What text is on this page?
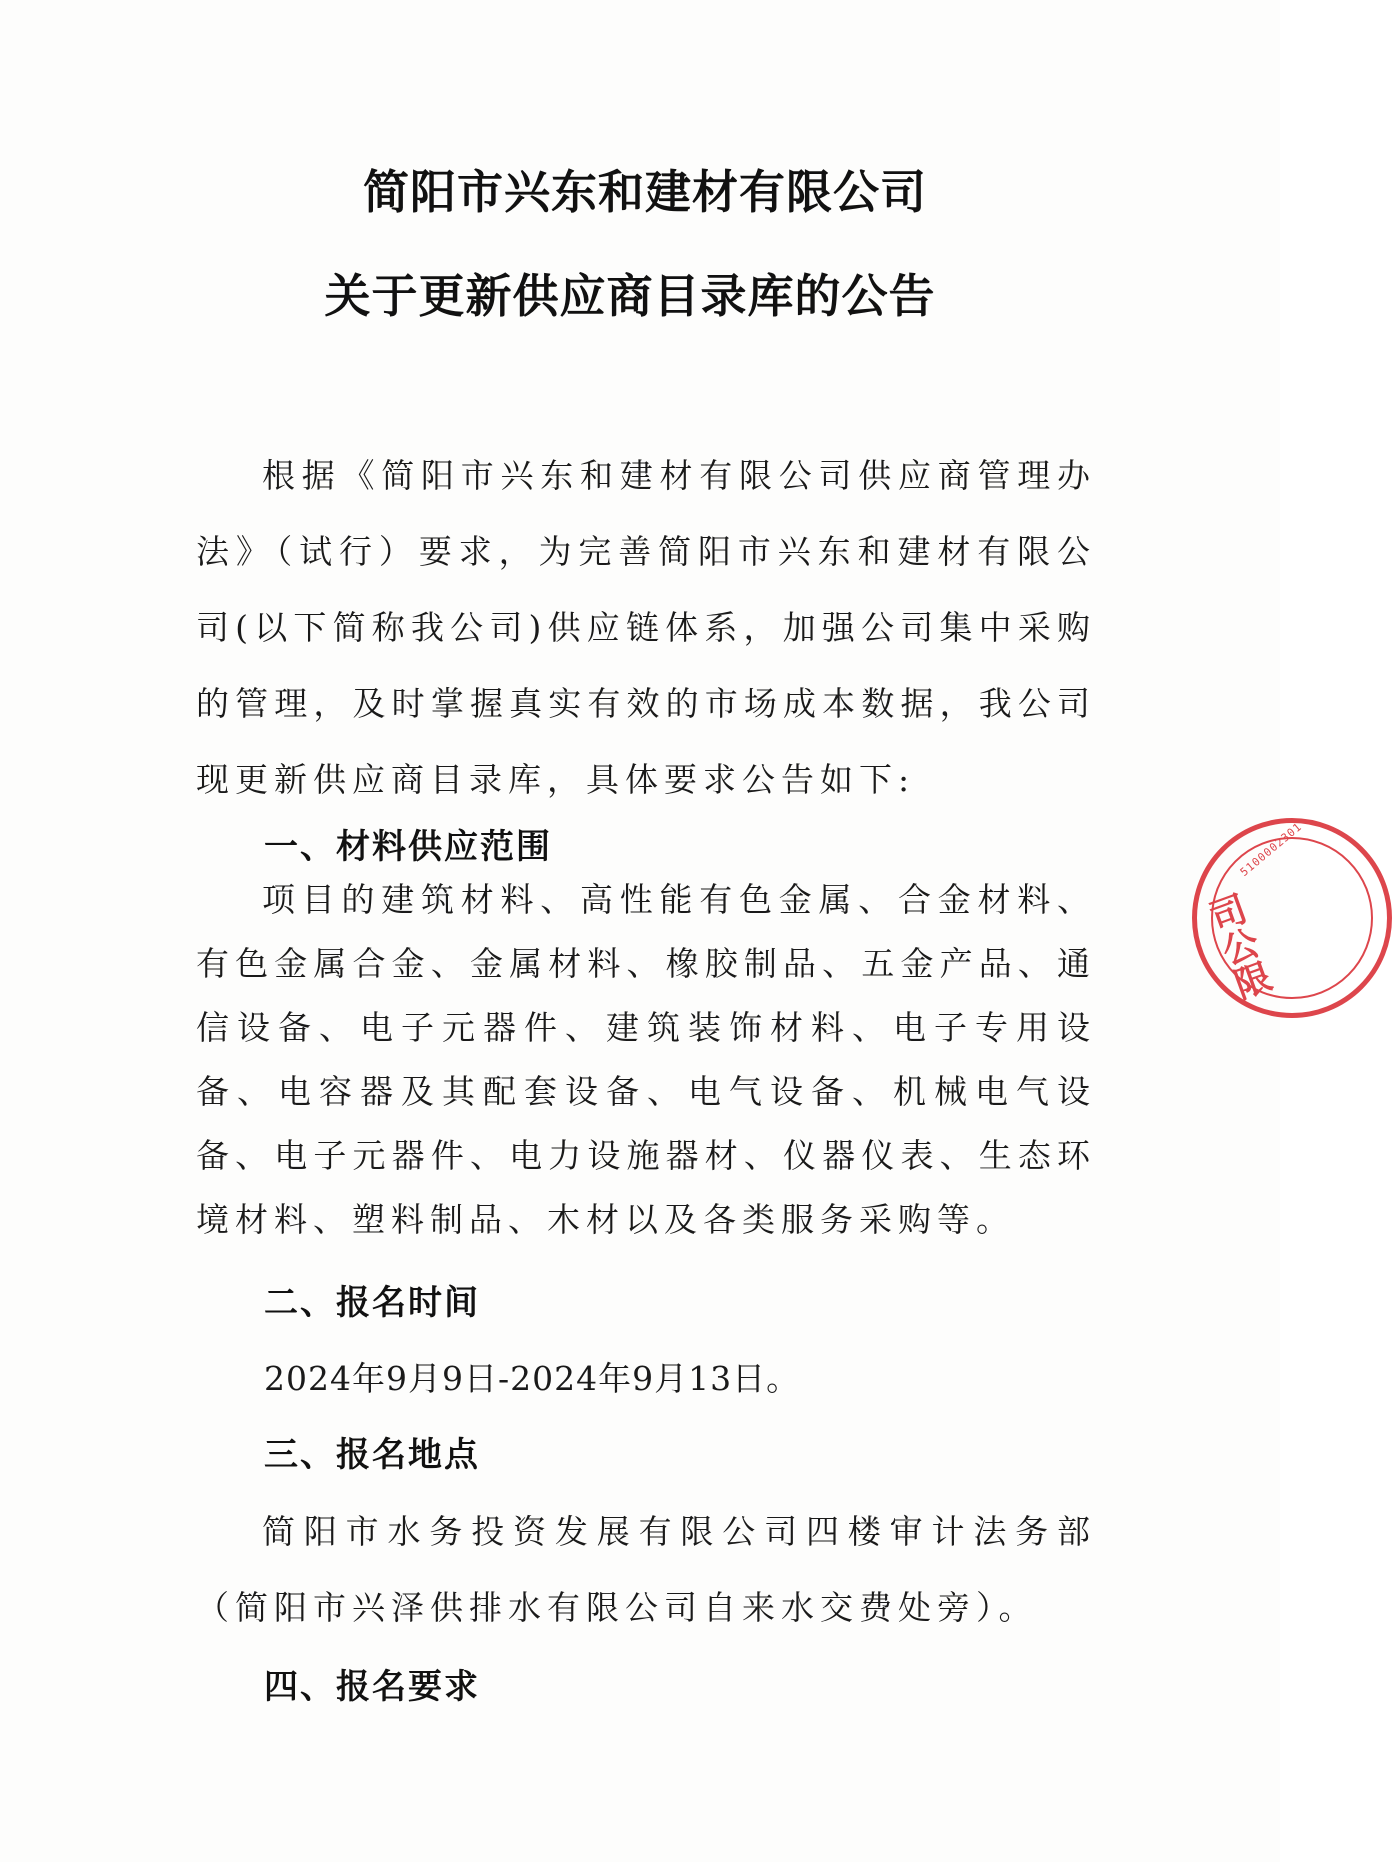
简阳市兴东和建材有限公司
关于更新供应商目录库的公告
根据《简阳市兴东和建材有限公司供应商管理办法》（试行）要求，为完善简阳市兴东和建材有限公司(以下简称我公司)供应链体系，加强公司集中采购的管理，及时掌握真实有效的市场成本数据，我公司现更新供应商目录库，具体要求公告如下:
一、材料供应范围
项目的建筑材料、高性能有色金属、合金材料、有色金属合金、金属材料、橡胶制品、五金产品、通信设备、电子元器件、建筑装饰材料、电子专用设备、电容器及其配套设备、电气设备、机械电气设备、电子元器件、电力设施器材、仪器仪表、生态环境材料、塑料制品、木材以及各类服务采购等。
二、报名时间
2024年9月9日-2024年9月13日。
三、报名地点
简阳市水务投资发展有限公司四楼审计法务部（简阳市兴泽供排水有限公司自来水交费处旁）。
四、报名要求
5100002301
司公限
